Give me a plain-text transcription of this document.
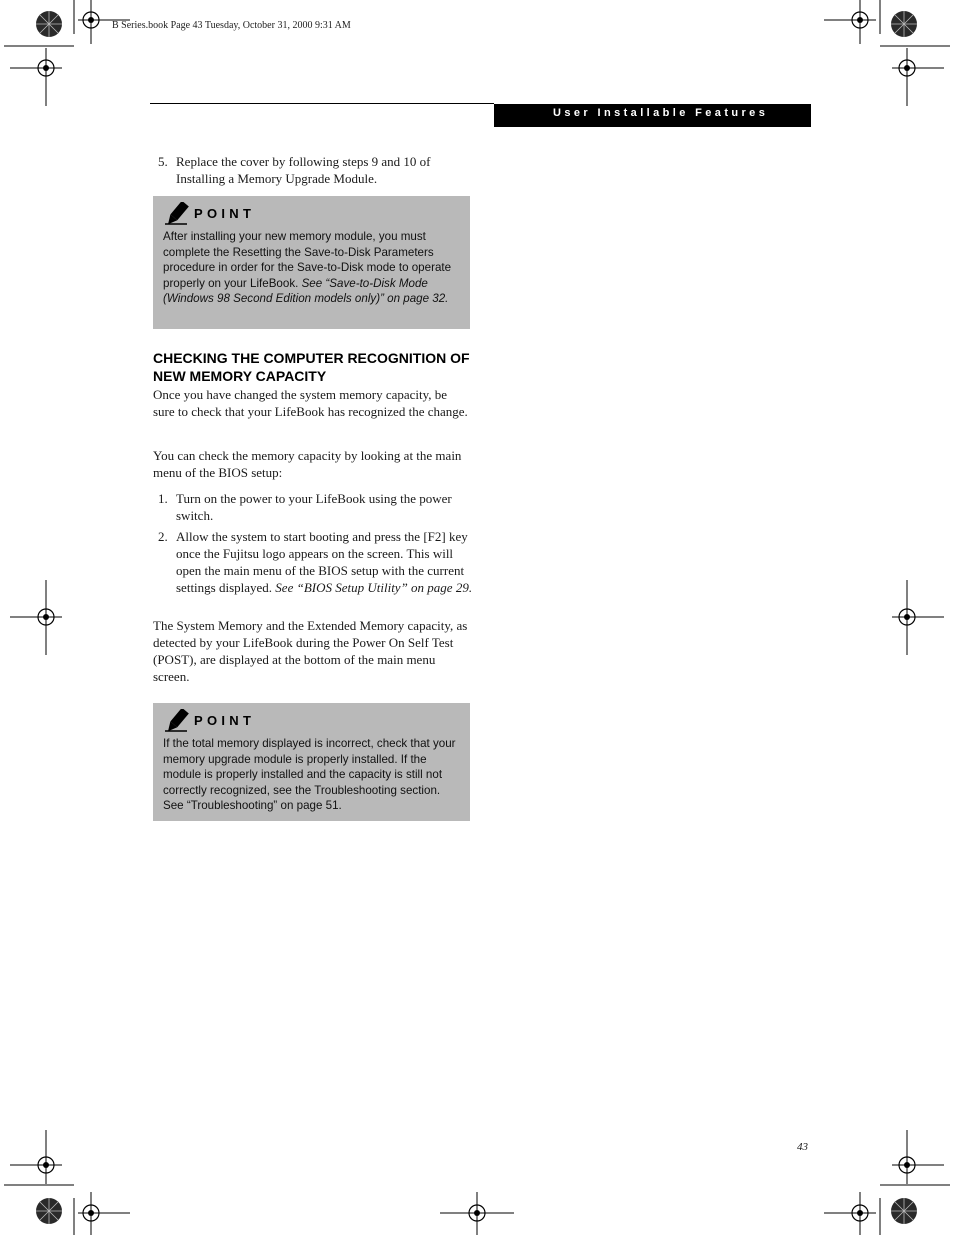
B Series.book Page 43 Tuesday, October 31, 2000 9:31 AM
User Installable Features
5. Replace the cover by following steps 9 and 10 of Installing a Memory Upgrade Module.
POINT
After installing your new memory module, you must complete the Resetting the Save-to-Disk Parameters procedure in order for the Save-to-Disk mode to operate properly on your LifeBook. See “Save-to-Disk Mode (Windows 98 Second Edition models only)” on page 32.
CHECKING THE COMPUTER RECOGNITION OF NEW MEMORY CAPACITY
Once you have changed the system memory capacity, be sure to check that your LifeBook has recognized the change.
You can check the memory capacity by looking at the main menu of the BIOS setup:
1. Turn on the power to your LifeBook using the power switch.
2. Allow the system to start booting and press the [F2] key once the Fujitsu logo appears on the screen. This will open the main menu of the BIOS setup with the current settings displayed. See “BIOS Setup Utility” on page 29.
The System Memory and the Extended Memory capacity, as detected by your LifeBook during the Power On Self Test (POST), are displayed at the bottom of the main menu screen.
POINT
If the total memory displayed is incorrect, check that your memory upgrade module is properly installed. If the module is properly installed and the capacity is still not correctly recognized, see the Troubleshooting section. See “Troubleshooting” on page 51.
43
